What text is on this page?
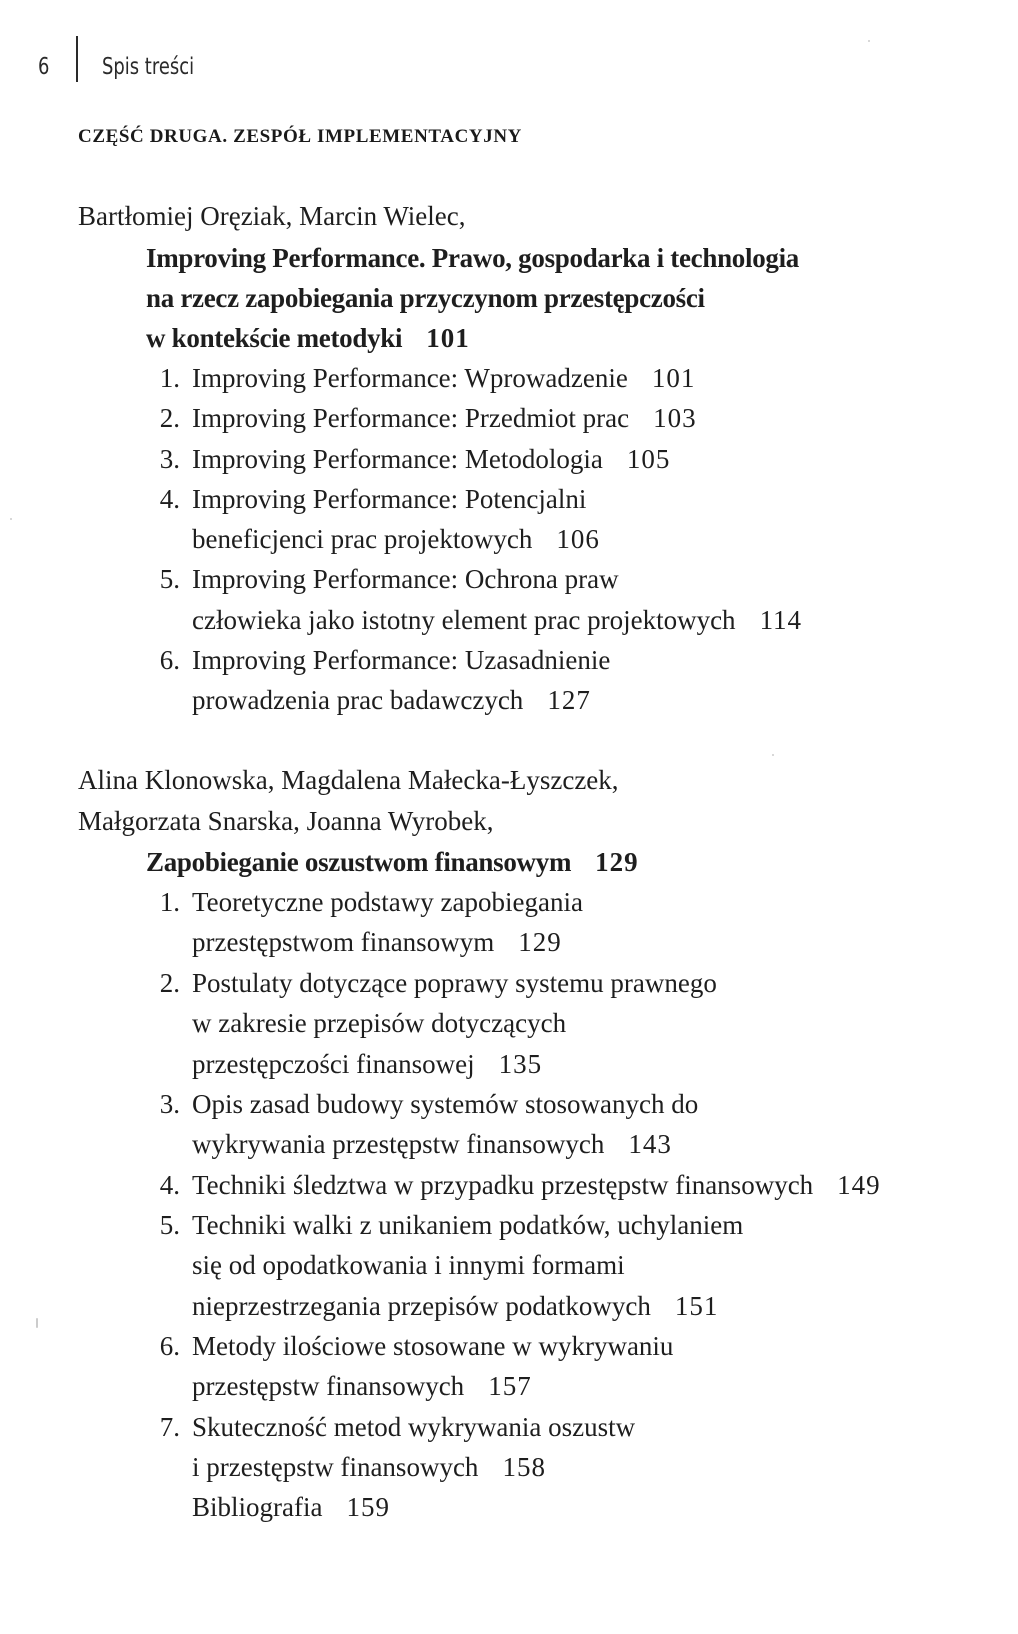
6 Spis treści
CZĘŚĆ DRUGA. ZESPÓŁ IMPLEMENTACYJNY
Bartłomiej Oręziak, Marcin Wielec,
Improving Performance. Prawo, gospodarka i technologia
na rzecz zapobiegania przyczynom przestępczości
w kontekście metodyki 101
1. Improving Performance: Wprowadzenie 101
2. Improving Performance: Przedmiot prac 103
3. Improving Performance: Metodologia 105
4. Improving Performance: Potencjalni
beneficjenci prac projektowych 106
5. Improving Performance: Ochrona praw
człowieka jako istotny element prac projektowych 114
6. Improving Performance: Uzasadnienie
prowadzenia prac badawczych 127
Alina Klonowska, Magdalena Małecka-Łyszczek,
Małgorzata Snarska, Joanna Wyrobek,
Zapobieganie oszustwom finansowym 129
1. Teoretyczne podstawy zapobiegania
przestępstwom finansowym 129
2. Postulaty dotyczące poprawy systemu prawnego
w zakresie przepisów dotyczących
przestępczości finansowej 135
3. Opis zasad budowy systemów stosowanych do
wykrywania przestępstw finansowych 143
4. Techniki śledztwa w przypadku przestępstw finansowych 149
5. Techniki walki z unikaniem podatków, uchylaniem
się od opodatkowania i innymi formami
nieprzestrzegania przepisów podatkowych 151
6. Metody ilościowe stosowane w wykrywaniu
przestępstw finansowych 157
7. Skuteczność metod wykrywania oszustw
i przestępstw finansowych 158
Bibliografia 159
